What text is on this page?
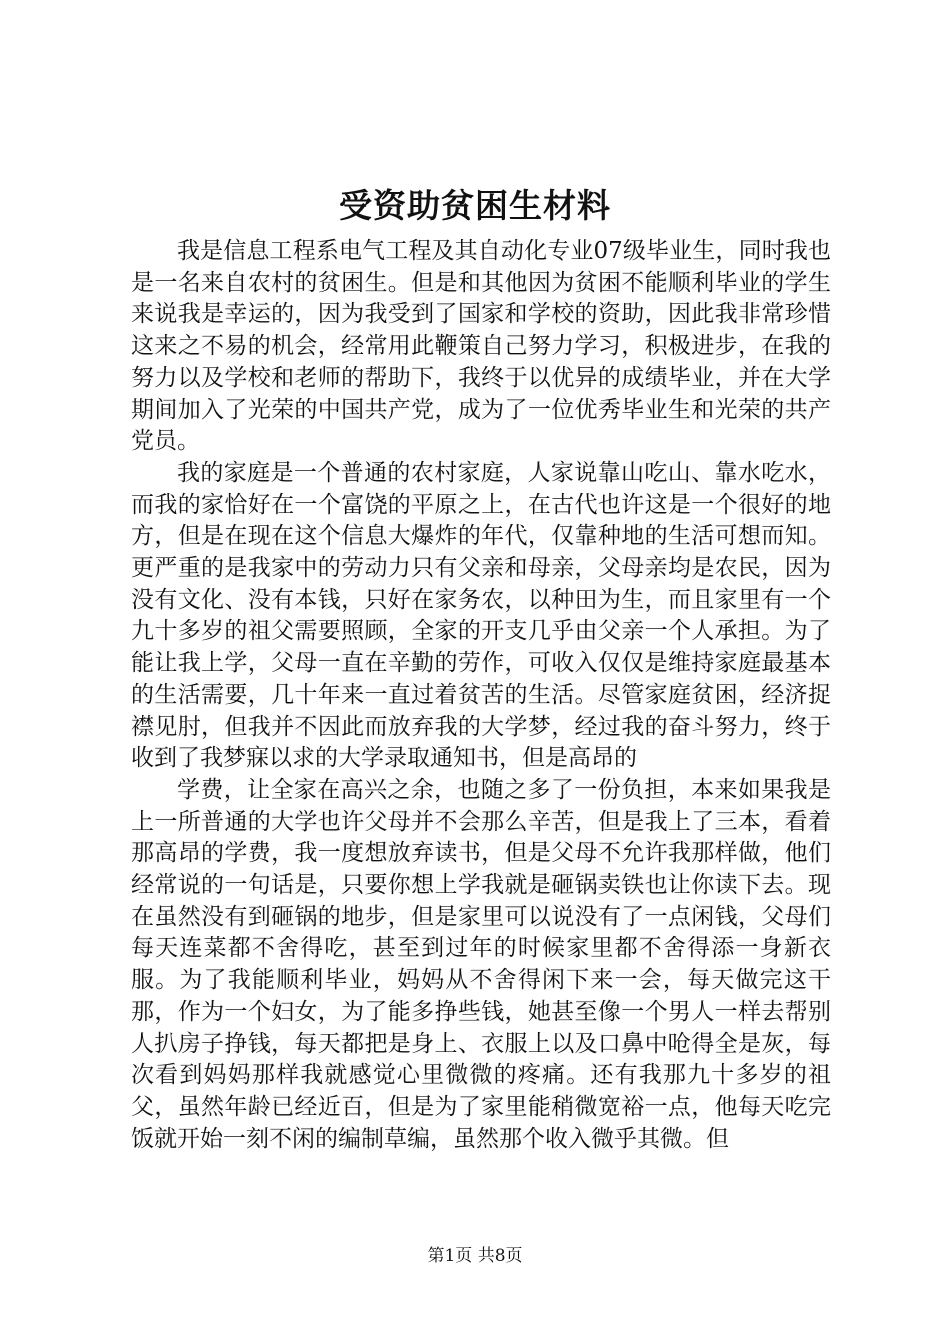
受资助贫困生材料

我是信息工程系电气工程及其自动化专业07级毕业生，同时我也是一名来自农村的贫困生。但是和其他因为贫困不能顺利毕业的学生来说我是幸运的，因为我受到了国家和学校的资助，因此我非常珍惜这来之不易的机会，经常用此鞭策自己努力学习，积极进步，在我的努力以及学校和老师的帮助下，我终于以优异的成绩毕业，并在大学期间加入了光荣的中国共产党，成为了一位优秀毕业生和光荣的共产党员。

我的家庭是一个普通的农村家庭，人家说靠山吃山、靠水吃水，而我的家恰好在一个富饶的平原之上，在古代也许这是一个很好的地方，但是在现在这个信息大爆炸的年代，仅靠种地的生活可想而知。更严重的是我家中的劳动力只有父亲和母亲，父母亲均是农民，因为没有文化、没有本钱，只好在家务农，以种田为生，而且家里有一个九十多岁的祖父需要照顾，全家的开支几乎由父亲一个人承担。为了能让我上学，父母一直在辛勤的劳作，可收入仅仅是维持家庭最基本的生活需要，几十年来一直过着贫苦的生活。尽管家庭贫困，经济捉襟见肘，但我并不因此而放弃我的大学梦，经过我的奋斗努力，终于收到了我梦寐以求的大学录取通知书，但是高昂的

学费，让全家在高兴之余，也随之多了一份负担，本来如果我是上一所普通的大学也许父母并不会那么辛苦，但是我上了三本，看着那高昂的学费，我一度想放弃读书，但是父母不允许我那样做，他们经常说的一句话是，只要你想上学我就是砸锅卖铁也让你读下去。现在虽然没有到砸锅的地步，但是家里可以说没有了一点闲钱，父母们每天连菜都不舍得吃，甚至到过年的时候家里都不舍得添一身新衣服。为了我能顺利毕业，妈妈从不舍得闲下来一会，每天做完这干那，作为一个妇女，为了能多挣些钱，她甚至像一个男人一样去帮别人扒房子挣钱，每天都把是身上、衣服上以及口鼻中呛得全是灰，每次看到妈妈那样我就感觉心里微微的疼痛。还有我那九十多岁的祖父，虽然年龄已经近百，但是为了家里能稍微宽裕一点，他每天吃完饭就开始一刻不闲的编制草编，虽然那个收入微乎其微。但

第1页 共8页
